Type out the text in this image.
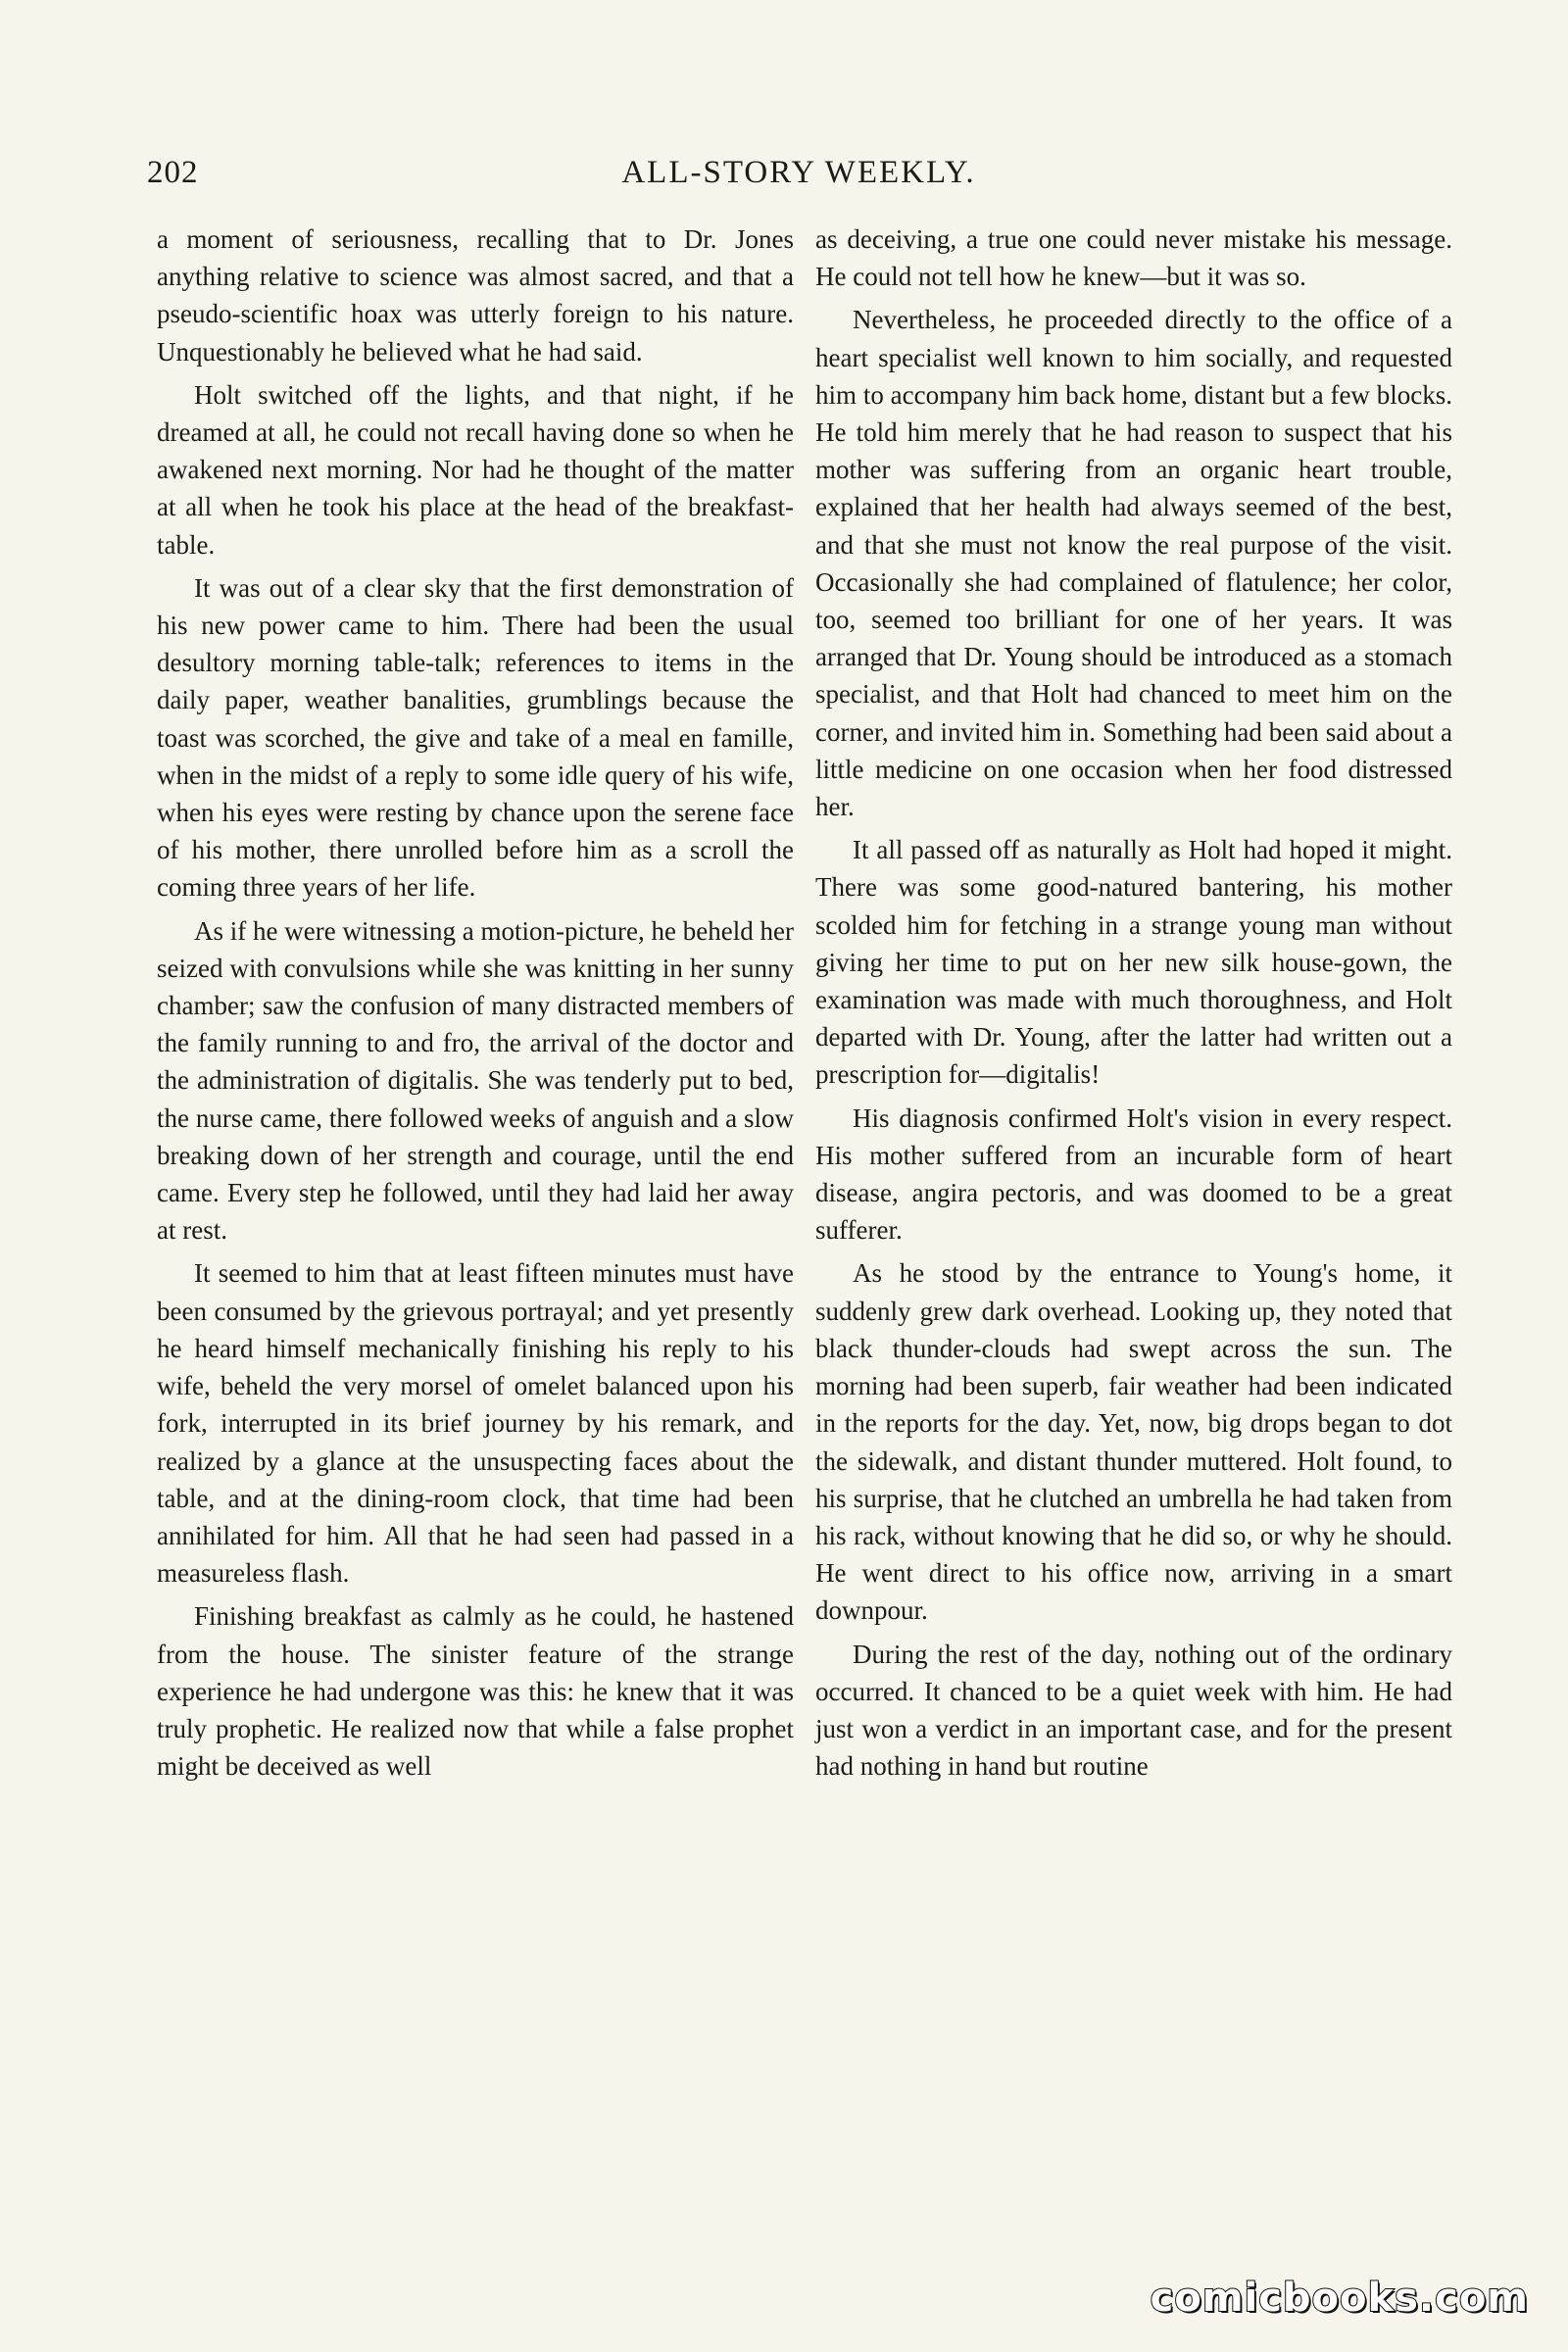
202	ALL-STORY WEEKLY.

a moment of seriousness, recalling that to Dr. Jones anything relative to science was almost sacred, and that a pseudo-scientific hoax was utterly foreign to his nature. Unquestionably he believed what he had said.

Holt switched off the lights, and that night, if he dreamed at all, he could not recall having done so when he awakened next morning. Nor had he thought of the matter at all when he took his place at the head of the breakfast-table.

It was out of a clear sky that the first demonstration of his new power came to him. There had been the usual desultory morning table-talk; references to items in the daily paper, weather banalities, grumblings because the toast was scorched, the give and take of a meal en famille, when in the midst of a reply to some idle query of his wife, when his eyes were resting by chance upon the serene face of his mother, there unrolled before him as a scroll the coming three years of her life.

As if he were witnessing a motion-picture, he beheld her seized with convulsions while she was knitting in her sunny chamber; saw the confusion of many distracted members of the family running to and fro, the arrival of the doctor and the administration of digitalis. She was tenderly put to bed, the nurse came, there followed weeks of anguish and a slow breaking down of her strength and courage, until the end came. Every step he followed, until they had laid her away at rest.

It seemed to him that at least fifteen minutes must have been consumed by the grievous portrayal; and yet presently he heard himself mechanically finishing his reply to his wife, beheld the very morsel of omelet balanced upon his fork, interrupted in its brief journey by his remark, and realized by a glance at the unsuspecting faces about the table, and at the dining-room clock, that time had been annihilated for him. All that he had seen had passed in a measureless flash.

Finishing breakfast as calmly as he could, he hastened from the house. The sinister feature of the strange experience he had undergone was this: he knew that it was truly prophetic. He realized now that while a false prophet might be deceived as well

as deceiving, a true one could never mistake his message. He could not tell how he knew—but it was so.

Nevertheless, he proceeded directly to the office of a heart specialist well known to him socially, and requested him to accompany him back home, distant but a few blocks. He told him merely that he had reason to suspect that his mother was suffering from an organic heart trouble, explained that her health had always seemed of the best, and that she must not know the real purpose of the visit. Occasionally she had complained of flatulence; her color, too, seemed too brilliant for one of her years. It was arranged that Dr. Young should be introduced as a stomach specialist, and that Holt had chanced to meet him on the corner, and invited him in. Something had been said about a little medicine on one occasion when her food distressed her.

It all passed off as naturally as Holt had hoped it might. There was some good-natured bantering, his mother scolded him for fetching in a strange young man without giving her time to put on her new silk house-gown, the examination was made with much thoroughness, and Holt departed with Dr. Young, after the latter had written out a prescription for—digitalis!

His diagnosis confirmed Holt's vision in every respect. His mother suffered from an incurable form of heart disease, angira pectoris, and was doomed to be a great sufferer.

As he stood by the entrance to Young's home, it suddenly grew dark overhead. Looking up, they noted that black thunder-clouds had swept across the sun. The morning had been superb, fair weather had been indicated in the reports for the day. Yet, now, big drops began to dot the sidewalk, and distant thunder muttered. Holt found, to his surprise, that he clutched an umbrella he had taken from his rack, without knowing that he did so, or why he should. He went direct to his office now, arriving in a smart downpour.

During the rest of the day, nothing out of the ordinary occurred. It chanced to be a quiet week with him. He had just won a verdict in an important case, and for the present had nothing in hand but routine

comicbooks.com
